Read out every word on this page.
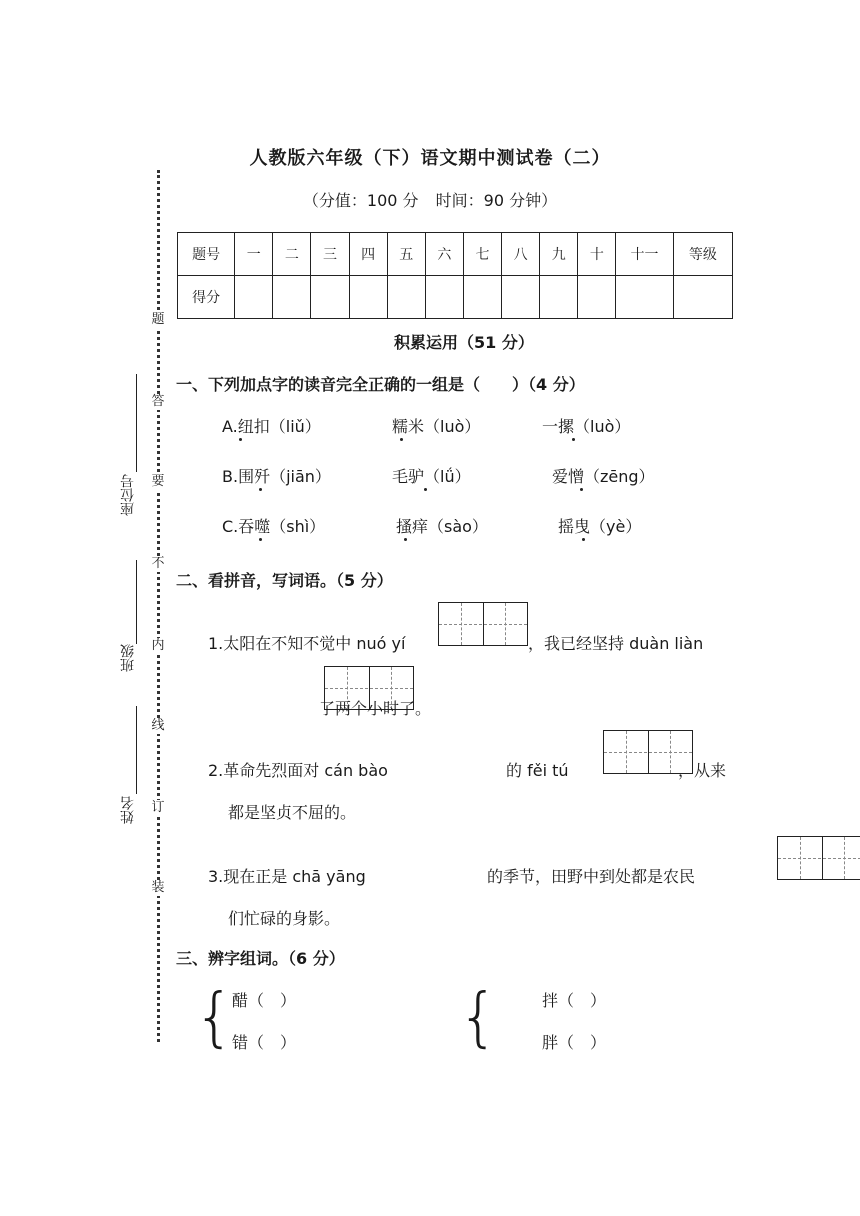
人教版六年级（下）语文期中测试卷（二）
（分值：100 分 时间：90 分钟）
题
答
要
不
内
线
订
装
座位号
班级
姓名
题号	一	二	三	四	五	六	七	八	九	十	十一	等级
得分												
积累运用（51 分）
一、下列加点字的读音完全正确的一组是（　　）（4 分）
A.纽扣（liǔ）	糯米（luò）	一摞（luò）
B.围歼（jiān）	毛驴（lǘ）	爱憎（zēng）
C.吞噬（shì）	搔痒（sào）	摇曳（yè）
二、看拼音，写词语。（5 分）
1.太阳在不知不觉中 nuó yí
	，我已经坚持 duàn liàn

了两个小时了。
2.革命先烈面对 cán bào
	的 fěi tú
	，从来
都是坚贞不屈的。
3.现在正是 chā yāng	的季节，田野中到处都是农民
们忙碌的身影。
三、辨字组词。（6 分）
{
醋（　）
错（　）	{	拌（　）
胖（　）
